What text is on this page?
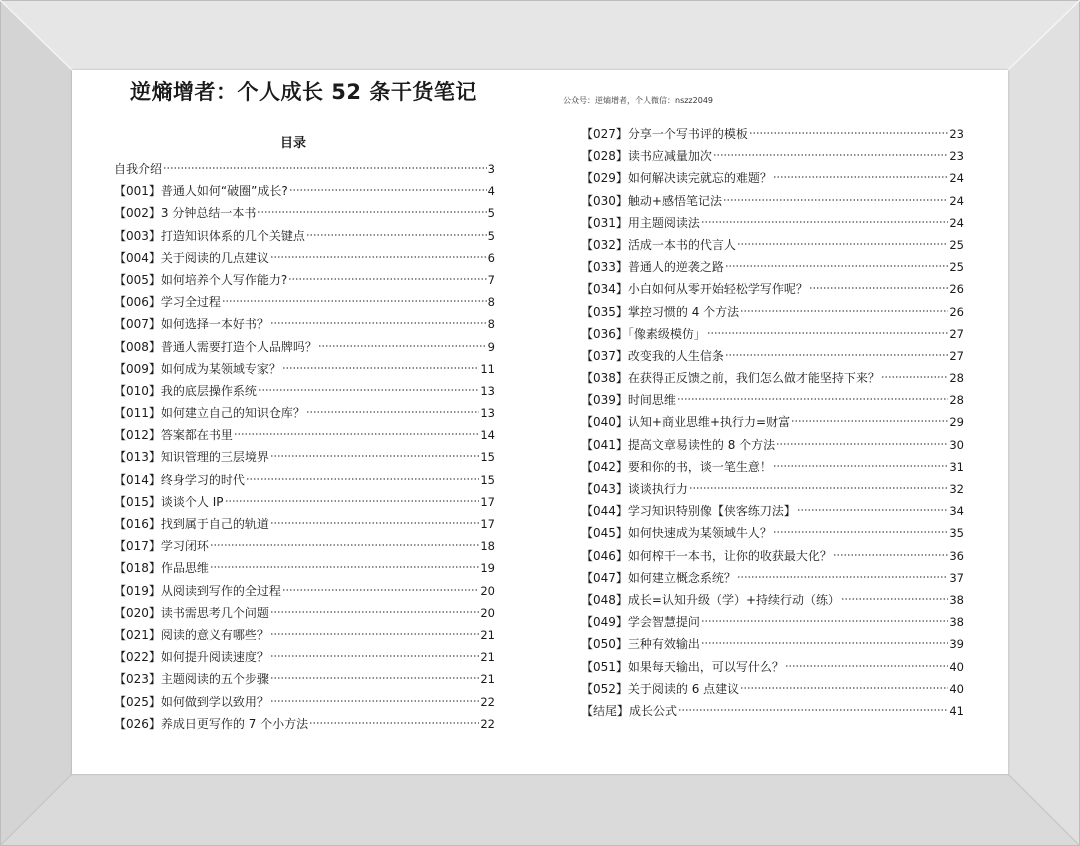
逆熵增者：个人成长 52 条干货笔记	公众号：逆熵增者，个人微信：nszz2049
目录
自我介绍	3
【001】普通人如何“破圈”成长?	4
【002】3 分钟总结一本书	5
【003】打造知识体系的几个关键点	5
【004】关于阅读的几点建议	6
【005】如何培养个人写作能力?	7
【006】学习全过程	8
【007】如何选择一本好书？	8
【008】普通人需要打造个人品牌吗？	9
【009】如何成为某领域专家？	11
【010】我的底层操作系统	13
【011】如何建立自己的知识仓库？	13
【012】答案都在书里	14
【013】知识管理的三层境界	15
【014】终身学习的时代	15
【015】谈谈个人 IP	17
【016】找到属于自己的轨道	17
【017】学习闭环	18
【018】作品思维	19
【019】从阅读到写作的全过程	20
【020】读书需思考几个问题	20
【021】阅读的意义有哪些？	21
【022】如何提升阅读速度？	21
【023】主题阅读的五个步骤	21
【025】如何做到学以致用？	22
【026】养成日更写作的 7 个小方法	22
【027】分享一个写书评的模板	23
【028】读书应减量加次	23
【029】如何解决读完就忘的难题？	24
【030】触动+感悟笔记法	24
【031】用主题阅读法	24
【032】活成一本书的代言人	25
【033】普通人的逆袭之路	25
【034】小白如何从零开始轻松学写作呢？	26
【035】掌控习惯的 4 个方法	26
【036】「像素级模仿」	27
【037】改变我的人生信条	27
【038】在获得正反馈之前，我们怎么做才能坚持下来？	28
【039】时间思维	28
【040】认知+商业思维+执行力=财富	29
【041】提高文章易读性的 8 个方法	30
【042】要和你的书，谈一笔生意！	31
【043】谈谈执行力	32
【044】学习知识特别像【侠客练刀法】	34
【045】如何快速成为某领域牛人？	35
【046】如何榨干一本书，让你的收获最大化？	36
【047】如何建立概念系统？	37
【048】成长=认知升级（学）+持续行动（练）	38
【049】学会智慧提问	38
【050】三种有效输出	39
【051】如果每天输出，可以写什么？	40
【052】关于阅读的 6 点建议	40
【结尾】成长公式	41
